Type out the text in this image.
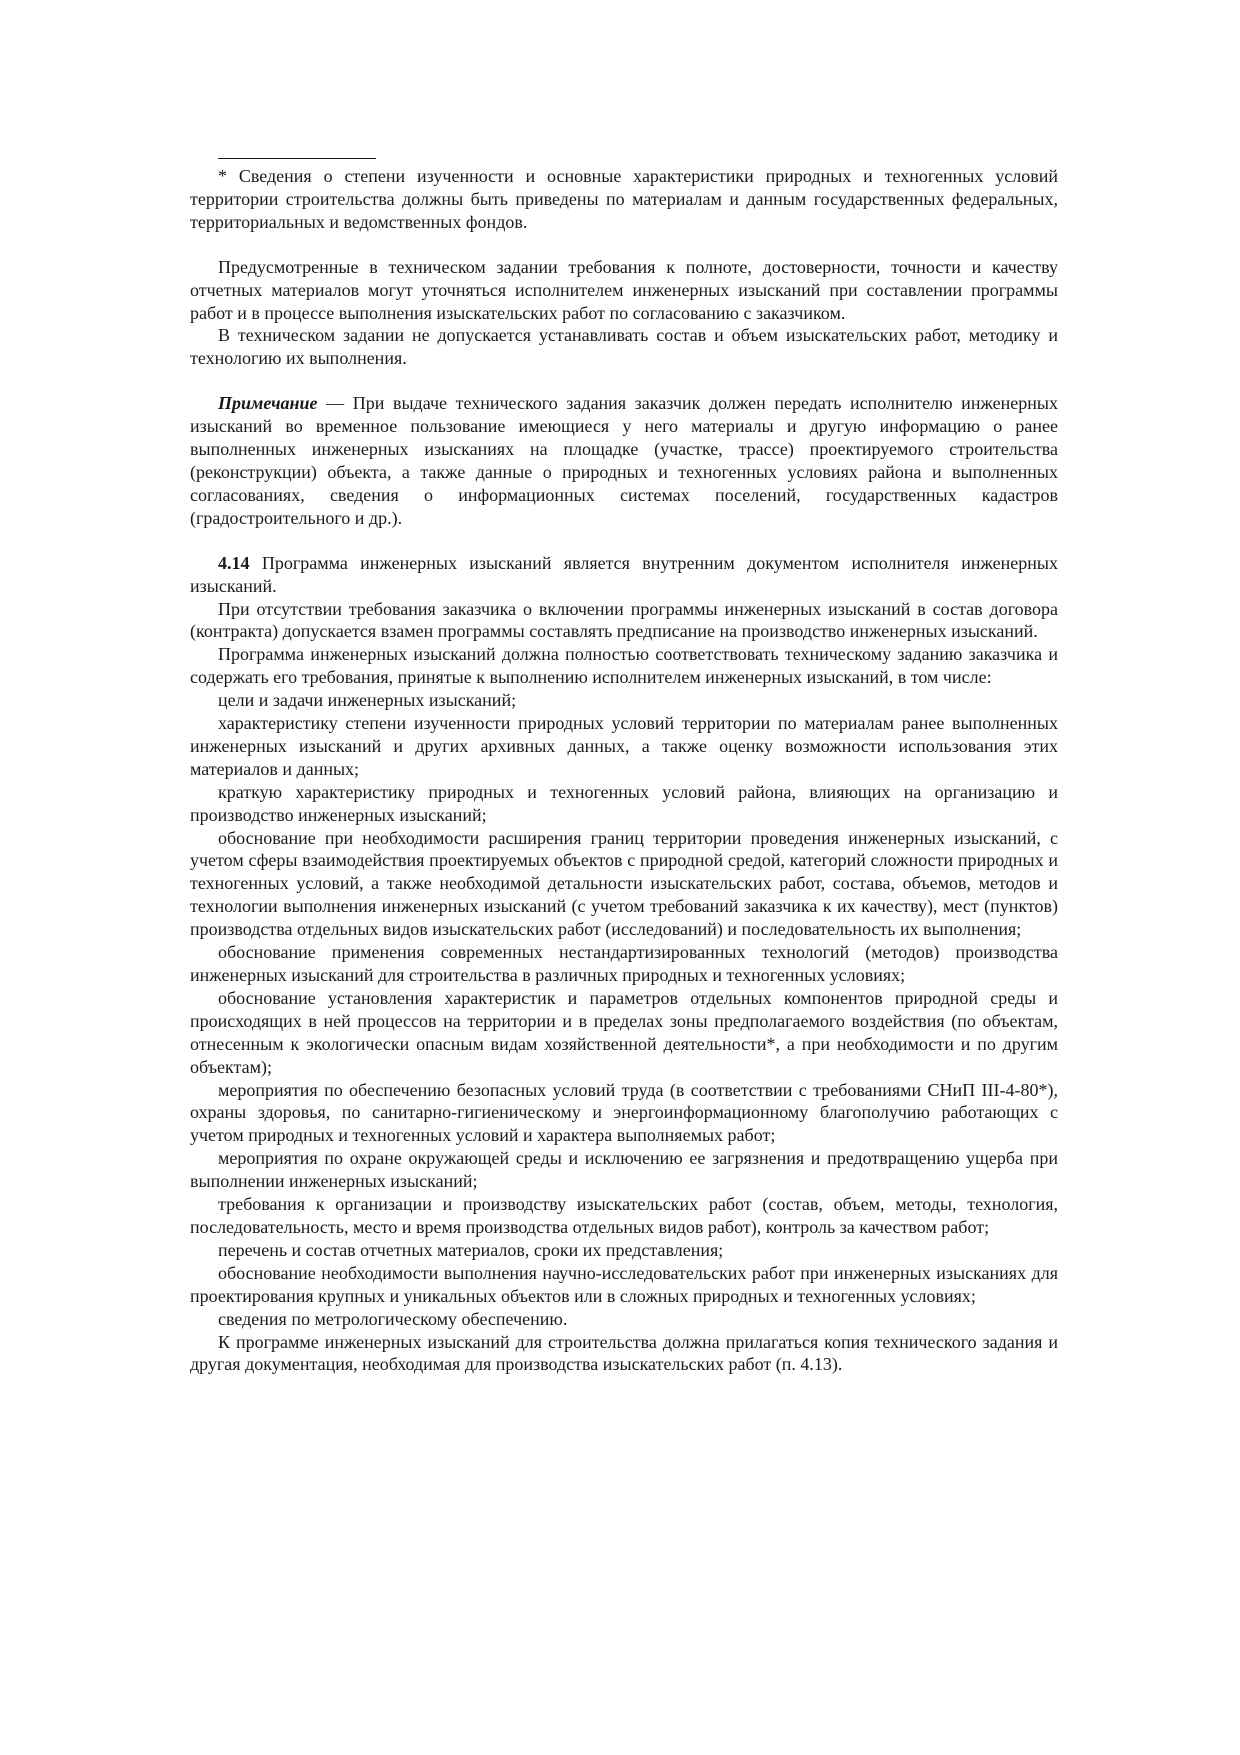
* Сведения о степени изученности и основные характеристики природных и техногенных условий территории строительства должны быть приведены по материалам и данным государственных федеральных, территориальных и ведомственных фондов.

Предусмотренные в техническом задании требования к полноте, достоверности, точности и качеству отчетных материалов могут уточняться исполнителем инженерных изысканий при составлении программы работ и в процессе выполнения изыскательских работ по согласованию с заказчиком.

В техническом задании не допускается устанавливать состав и объем изыскательских работ, методику и технологию их выполнения.

Примечание — При выдаче технического задания заказчик должен передать исполнителю инженерных изысканий во временное пользование имеющиеся у него материалы и другую информацию о ранее выполненных инженерных изысканиях на площадке (участке, трассе) проектируемого строительства (реконструкции) объекта, а также данные о природных и техногенных условиях района и выполненных согласованиях, сведения о информационных системах поселений, государственных кадастров (градостроительного и др.).

4.14 Программа инженерных изысканий является внутренним документом исполнителя инженерных изысканий.

При отсутствии требования заказчика о включении программы инженерных изысканий в состав договора (контракта) допускается взамен программы составлять предписание на производство инженерных изысканий.

Программа инженерных изысканий должна полностью соответствовать техническому заданию заказчика и содержать его требования, принятые к выполнению исполнителем инженерных изысканий, в том числе:

цели и задачи инженерных изысканий;

характеристику степени изученности природных условий территории по материалам ранее выполненных инженерных изысканий и других архивных данных, а также оценку возможности использования этих материалов и данных;

краткую характеристику природных и техногенных условий района, влияющих на организацию и производство инженерных изысканий;

обоснование при необходимости расширения границ территории проведения инженерных изысканий, с учетом сферы взаимодействия проектируемых объектов с природной средой, категорий сложности природных и техногенных условий, а также необходимой детальности изыскательских работ, состава, объемов, методов и технологии выполнения инженерных изысканий (с учетом требований заказчика к их качеству), мест (пунктов) производства отдельных видов изыскательских работ (исследований) и последовательность их выполнения;

обоснование применения современных нестандартизированных технологий (методов) производства инженерных изысканий для строительства в различных природных и техногенных условиях;

обоснование установления характеристик и параметров отдельных компонентов природной среды и происходящих в ней процессов на территории и в пределах зоны предполагаемого воздействия (по объектам, отнесенным к экологически опасным видам хозяйственной деятельности*, а при необходимости и по другим объектам);

мероприятия по обеспечению безопасных условий труда (в соответствии с требованиями СНиП III-4-80*), охраны здоровья, по санитарно-гигиеническому и энергоинформационному благополучию работающих с учетом природных и техногенных условий и характера выполняемых работ;

мероприятия по охране окружающей среды и исключению ее загрязнения и предотвращению ущерба при выполнении инженерных изысканий;

требования к организации и производству изыскательских работ (состав, объем, методы, технология, последовательность, место и время производства отдельных видов работ), контроль за качеством работ;

перечень и состав отчетных материалов, сроки их представления;

обоснование необходимости выполнения научно-исследовательских работ при инженерных изысканиях для проектирования крупных и уникальных объектов или в сложных природных и техногенных условиях;

сведения по метрологическому обеспечению.

К программе инженерных изысканий для строительства должна прилагаться копия технического задания и другая документация, необходимая для производства изыскательских работ (п. 4.13).
